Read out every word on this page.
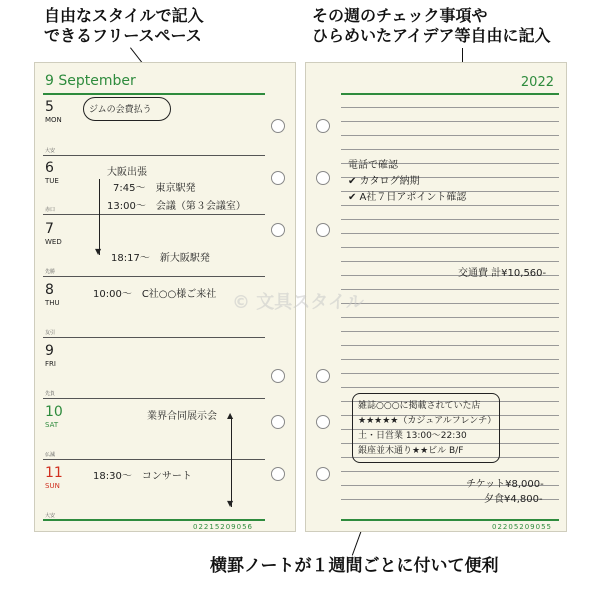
自由なスタイルで記入
できるフリースペース
その週のチェック事項や
ひらめいたアイデア等自由に記入
横罫ノートが１週間ごとに付いて便利
9 September
5
MON
大安
6
TUE
赤口
7
WED
先勝
8
THU
友引
9
FRI
先負
10
SAT
仏滅
11
SUN
大安
02215209056
ジムの会費払う
大阪出張
7:45〜　東京駅発
13:00〜　会議（第３会議室）
18:17〜　新大阪駅発
▼
10:00〜　C社○○様ご来社
業界合同展示会
18:30〜　コンサート
▲
▼
2022
電話で確認
✔ カタログ納期
✔ A社７日アポイント確認
交通費 計¥10,560-
雑誌○○○に掲載されていた店
★★★★★（カジュアルフレンチ）
土・日営業 13:00〜22:30
銀座並木通り★★ビル B/F
チケット¥8,000-
夕食¥4,800-
02205209055
© 文具スタイル
